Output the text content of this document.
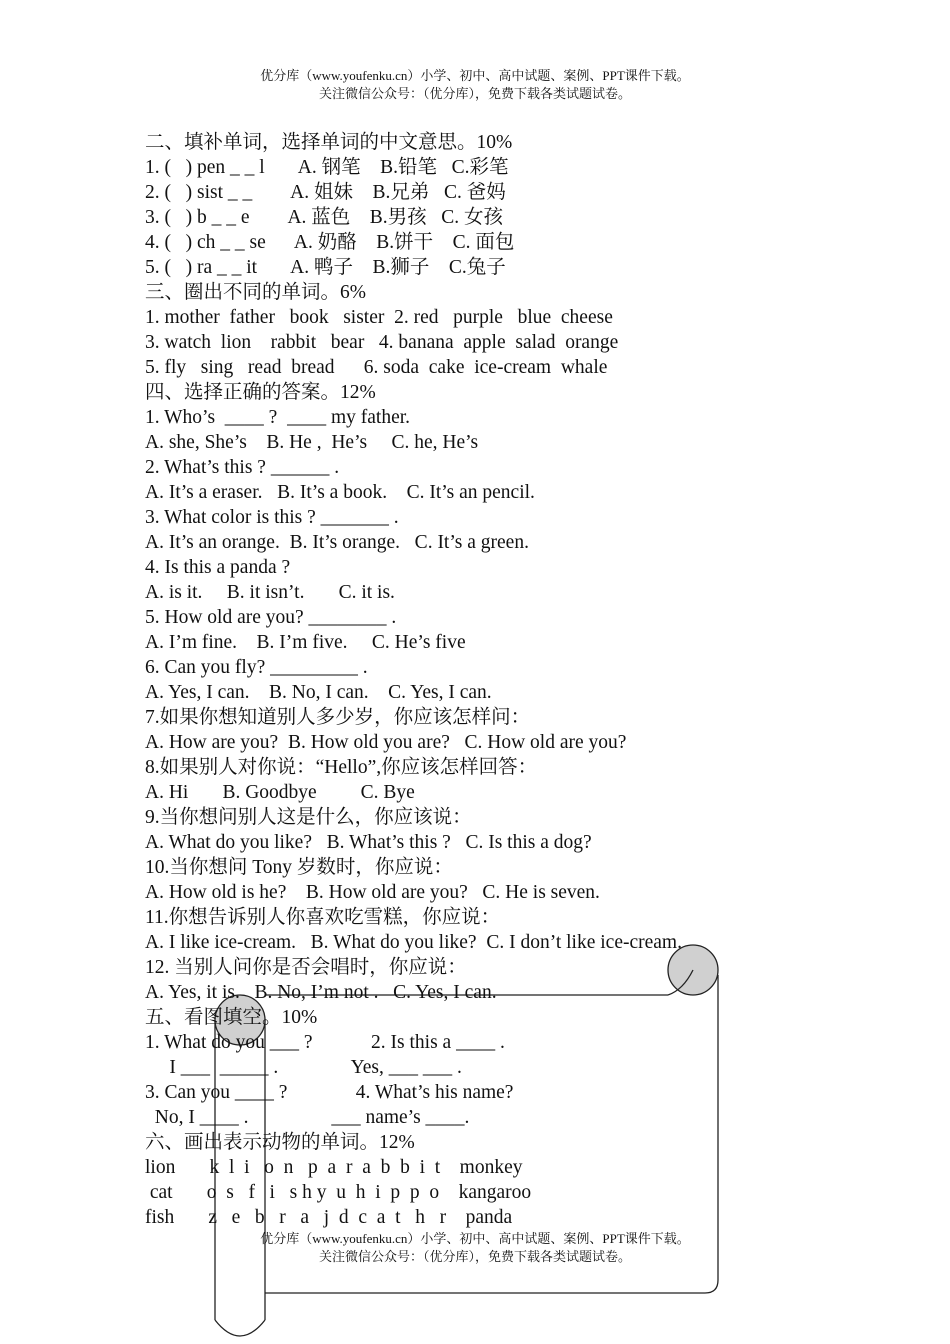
优分库（www.youfenku.cn）小学、初中、高中试题、案例、PPT课件下载。
关注微信公众号：（优分库），免费下载各类试题试卷。
二、填补单词，选择单词的中文意思。10%
1. (   ) pen _ _ l       A. 钢笔    B.铅笔   C.彩笔
2. (   ) sist _ _        A. 姐妹    B.兄弟   C. 爸妈
3. (   ) b _ _ e        A. 蓝色    B.男孩   C. 女孩
4. (   ) ch _ _ se      A. 奶酪    B.饼干    C. 面包
5. (   ) ra _ _ it       A. 鸭子    B.狮子    C.兔子
三、圈出不同的单词。6%
1. mother  father   book   sister  2. red   purple   blue  cheese
3. watch  lion    rabbit   bear   4. banana  apple  salad  orange
5. fly   sing   read  bread      6. soda  cake  ice-cream  whale
四、选择正确的答案。12%
1. Who’s  ____ ?  ____ my father.
A. she, She’s    B. He ,  He’s     C. he, He’s
2. What’s this ? ______ .
A. It’s a eraser.   B. It’s a book.    C. It’s an pencil.
3. What color is this ? _______ .
A. It’s an orange.  B. It’s orange.   C. It’s a green.
4. Is this a panda ?
A. is it.     B. it isn’t.       C. it is.
5. How old are you? ________ .
A. I’m fine.    B. I’m five.     C. He’s five
6. Can you fly? _________ .
A. Yes, I can.    B. No, I can.    C. Yes, I can.
7.如果你想知道别人多少岁，你应该怎样问：
A. How are you?  B. How old you are?   C. How old are you?
8.如果别人对你说：“Hello”,你应该怎样回答：
A. Hi       B. Goodbye         C. Bye
9.当你想问别人这是什么，你应该说：
A. What do you like?   B. What’s this ?   C. Is this a dog?
10.当你想问 Tony 岁数时，你应说：
A. How old is he?    B. How old are you?   C. He is seven.
11.你想告诉别人你喜欢吃雪糕，你应说：
A. I like ice-cream.   B. What do you like?  C. I don’t like ice-cream.
12. 当别人问你是否会唱时，你应说：
A. Yes, it is.   B. No, I’m not .   C. Yes, I can.
五、看图填空。10%
1. What do you ___ ?            2. Is this a ____ .
I ___  _____ .               Yes, ___ ___ .
3. Can you ____ ?              4. What’s his name?
No, I ____ .                 ___ name’s ____.
六、画出表示动物的单词。12%
lion       k  l  i   o  n   p  a  r  a  b  b  i  t    monkey
cat       o  s   f   i   s h y  u  h  i  p  p  o    kangaroo
fish       z   e   b   r   a   j  d  c  a  t   h   r    panda
优分库（www.youfenku.cn）小学、初中、高中试题、案例、PPT课件下载。
关注微信公众号：（优分库），免费下载各类试题试卷。
